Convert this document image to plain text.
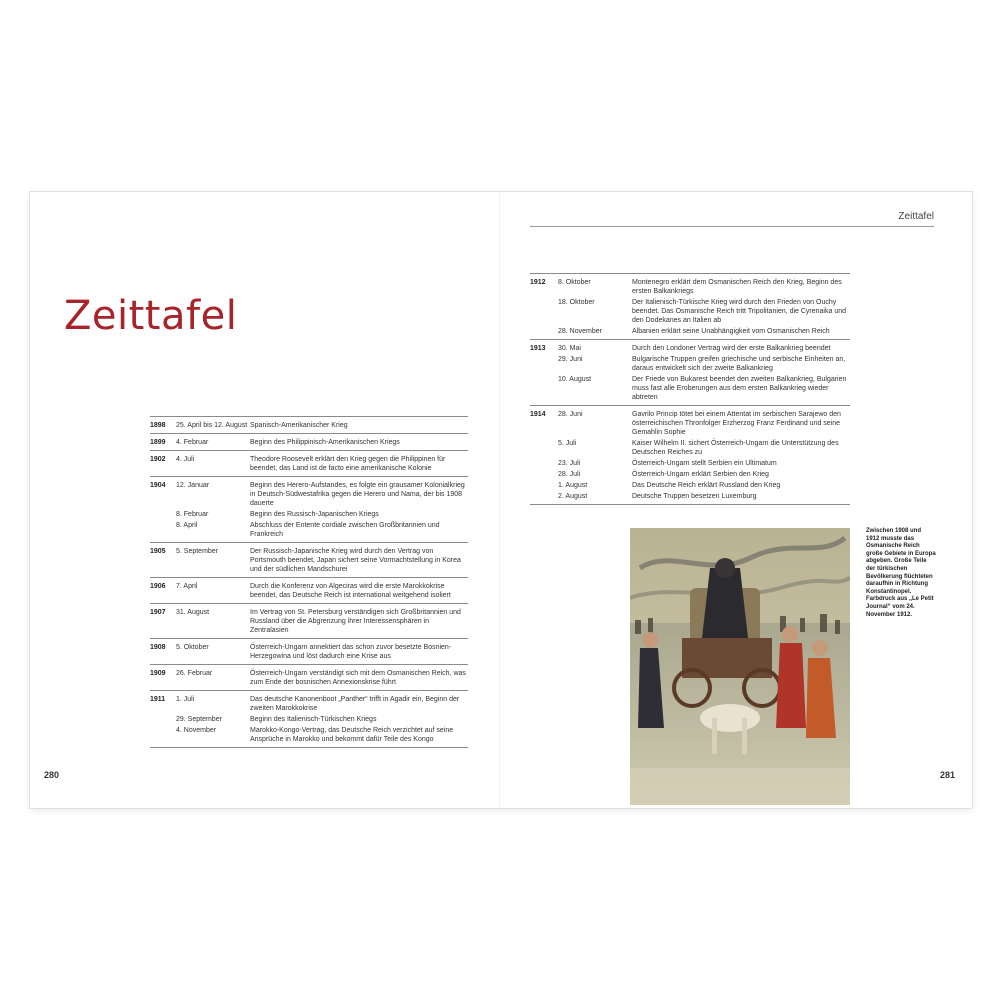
Zeittafel
Zeittafel
1898	25. April bis 12. August Spanisch-Amerikanischer Krieg
1899	4. Februar	Beginn des Philippinisch-Amerikanischen Kriegs
1902	4. Juli	Theodore Roosevelt erklärt den Krieg gegen die Philippinen für beendet, das Land ist de facto eine amerikanische Kolonie
1904	12. Januar	Beginn des Herero-Aufstandes, es folgte ein grausamer Kolonialkrieg in Deutsch-Südwestafrika gegen die Herero und Nama, der bis 1908 dauerte
8. Februar	Beginn des Russisch-Japanischen Kriegs
8. April	Abschluss der Entente cordiale zwischen Großbritannien und Frankreich
1905	5. September	Der Russisch-Japanische Krieg wird durch den Vertrag von Portsmouth beendet, Japan sichert seine Vormachtstellung in Korea und der südlichen Mandschurei
1906	7. April	Durch die Konferenz von Algeciras wird die erste Marokkokrise beendet, das Deutsche Reich ist international weitgehend isoliert
1907	31. August	Im Vertrag von St. Petersburg verständigen sich Großbritannien und Russland über die Abgrenzung ihrer Interessensphären in Zentralasien
1908	5. Oktober	Österreich-Ungarn annektiert das schon zuvor besetzte Bosnien-Herzegowina und löst dadurch eine Krise aus
1909	26. Februar	Österreich-Ungarn verständigt sich mit dem Osmanischen Reich, was zum Ende der bosnischen Annexionskrise führt
1911	1. Juli	Das deutsche Kanonenboot „Panther“ trifft in Agadir ein, Beginn der zweiten Marokkokrise
29. September	Beginn des Italienisch-Türkischen Kriegs
4. November	Marokko-Kongo-Vertrag, das Deutsche Reich verzichtet auf seine Ansprüche in Marokko und bekommt dafür Teile des Kongo
1912	8. Oktober	Montenegro erklärt dem Osmanischen Reich den Krieg, Beginn des ersten Balkankriegs
18. Oktober	Der Italienisch-Türkische Krieg wird durch den Frieden von Ouchy beendet. Das Osmanische Reich tritt Tripolitanien, die Cyrenaika und den Dodekanes an Italien ab
28. November	Albanien erklärt seine Unabhängigkeit vom Osmanischen Reich
1913	30. Mai	Durch den Londoner Vertrag wird der erste Balkankrieg beendet
29. Juni	Bulgarische Truppen greifen griechische und serbische Einheiten an, daraus entwickelt sich der zweite Balkankrieg
10. August	Der Friede von Bukarest beendet den zweiten Balkankrieg, Bulgarien muss fast alle Eroberungen aus dem ersten Balkankrieg wieder abtreten
1914	28. Juni	Gavrilo Princip tötet bei einem Attentat im serbischen Sarajewo den österreichischen Thronfolger Erzherzog Franz Ferdinand und seine Gemahlin Sophie
5. Juli	Kaiser Wilhelm II. sichert Österreich-Ungarn die Unterstützung des Deutschen Reiches zu
23. Juli	Österreich-Ungarn stellt Serbien ein Ultimatum
28. Juli	Österreich-Ungarn erklärt Serbien den Krieg
1. August	Das Deutsche Reich erklärt Russland den Krieg
2. August	Deutsche Truppen besetzen Luxemburg
280	281
Zwischen 1908 und 1912 musste das Osmanische Reich große Gebiete in Europa abgeben. Große Teile der türkischen Bevölkerung flüchteten daraufhin in Richtung Konstantinopel. Farbdruck aus „Le Petit Journal“ vom 24. November 1912.
